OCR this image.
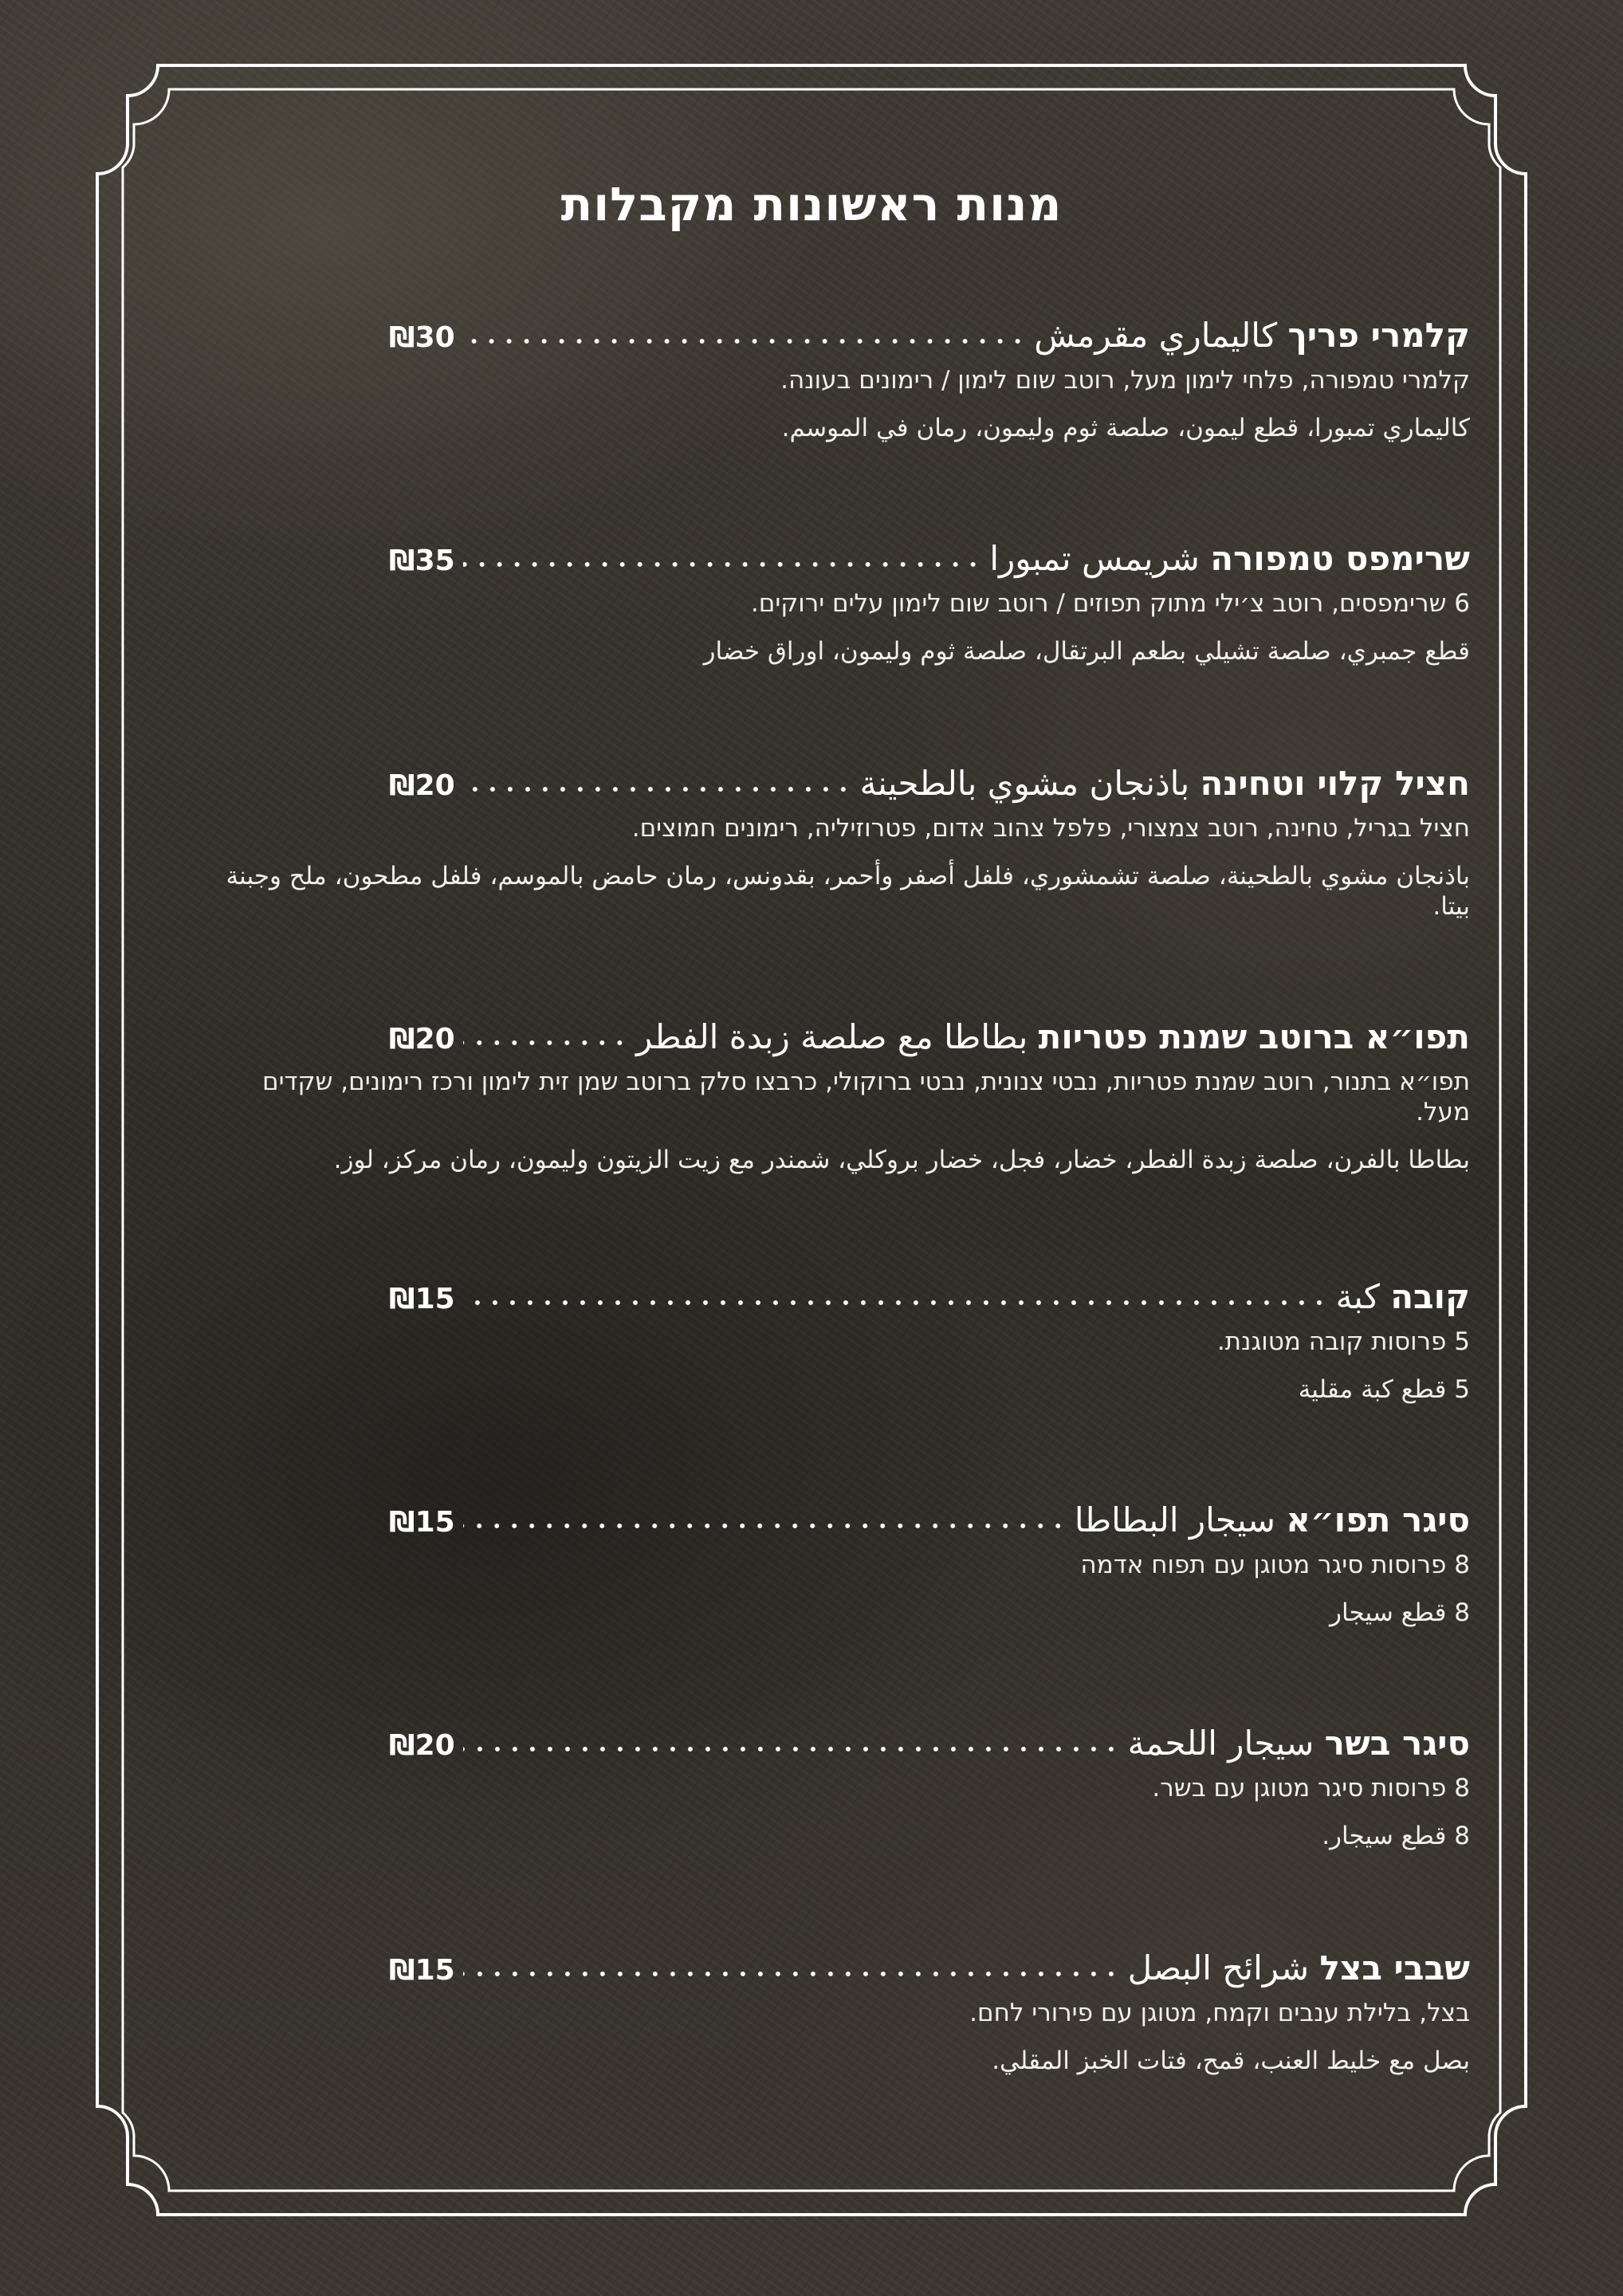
מנות ראשונות מקבלות
קלמרי פריך كاليماري مقرمش
₪30
קלמרי טמפורה, פלחי לימון מעל, רוטב שום לימון / רימונים בעונה.
كاليماري تمبورا، قطع ليمون، صلصة ثوم وليمون، رمان في الموسم.
שרימפס טמפורה شريمس تمبورا
₪35
6 שרימפסים, רוטב צ׳ילי מתוק תפוזים / רוטב שום לימון עלים ירוקים.
قطع جمبري، صلصة تشيلي بطعم البرتقال، صلصة ثوم وليمون، اوراق خضار
חציל קלוי וטחינה باذنجان مشوي بالطحينة
₪20
חציל בגריל, טחינה, רוטב צמצורי, פלפל צהוב אדום, פטרוזיליה, רימונים חמוצים.
باذنجان مشوي بالطحينة، صلصة تشمشوري، فلفل أصفر وأحمر، بقدونس، رمان حامض بالموسم، فلفل مطحون، ملح وجبنة بيتا.
תפו״א ברוטב שמנת פטריות بطاطا مع صلصة زبدة الفطر
₪20
תפו״א בתנור, רוטב שמנת פטריות, נבטי צנונית, נבטי ברוקולי, כרבצו סלק ברוטב שמן זית לימון ורכז רימונים, שקדים מעל.
بطاطا بالفرن، صلصة زبدة الفطر، خضار، فجل، خضار بروكلي، شمندر مع زيت الزيتون وليمون، رمان مركز، لوز.
קובה كبة
₪15
5 פרוסות קובה מטוגנת.
5 قطع كبة مقلية
סיגר תפו״א سيجار البطاطا
₪15
8 פרוסות סיגר מטוגן עם תפוח אדמה
8 قطع سيجار
סיגר בשר سيجار اللحمة
₪20
8 פרוסות סיגר מטוגן עם בשר.
8 قطع سيجار.
שבבי בצל شرائح البصل
₪15
בצל, בלילת ענבים וקמח, מטוגן עם פירורי לחם.
بصل مع خليط العنب، قمح، فتات الخبز المقلي.
